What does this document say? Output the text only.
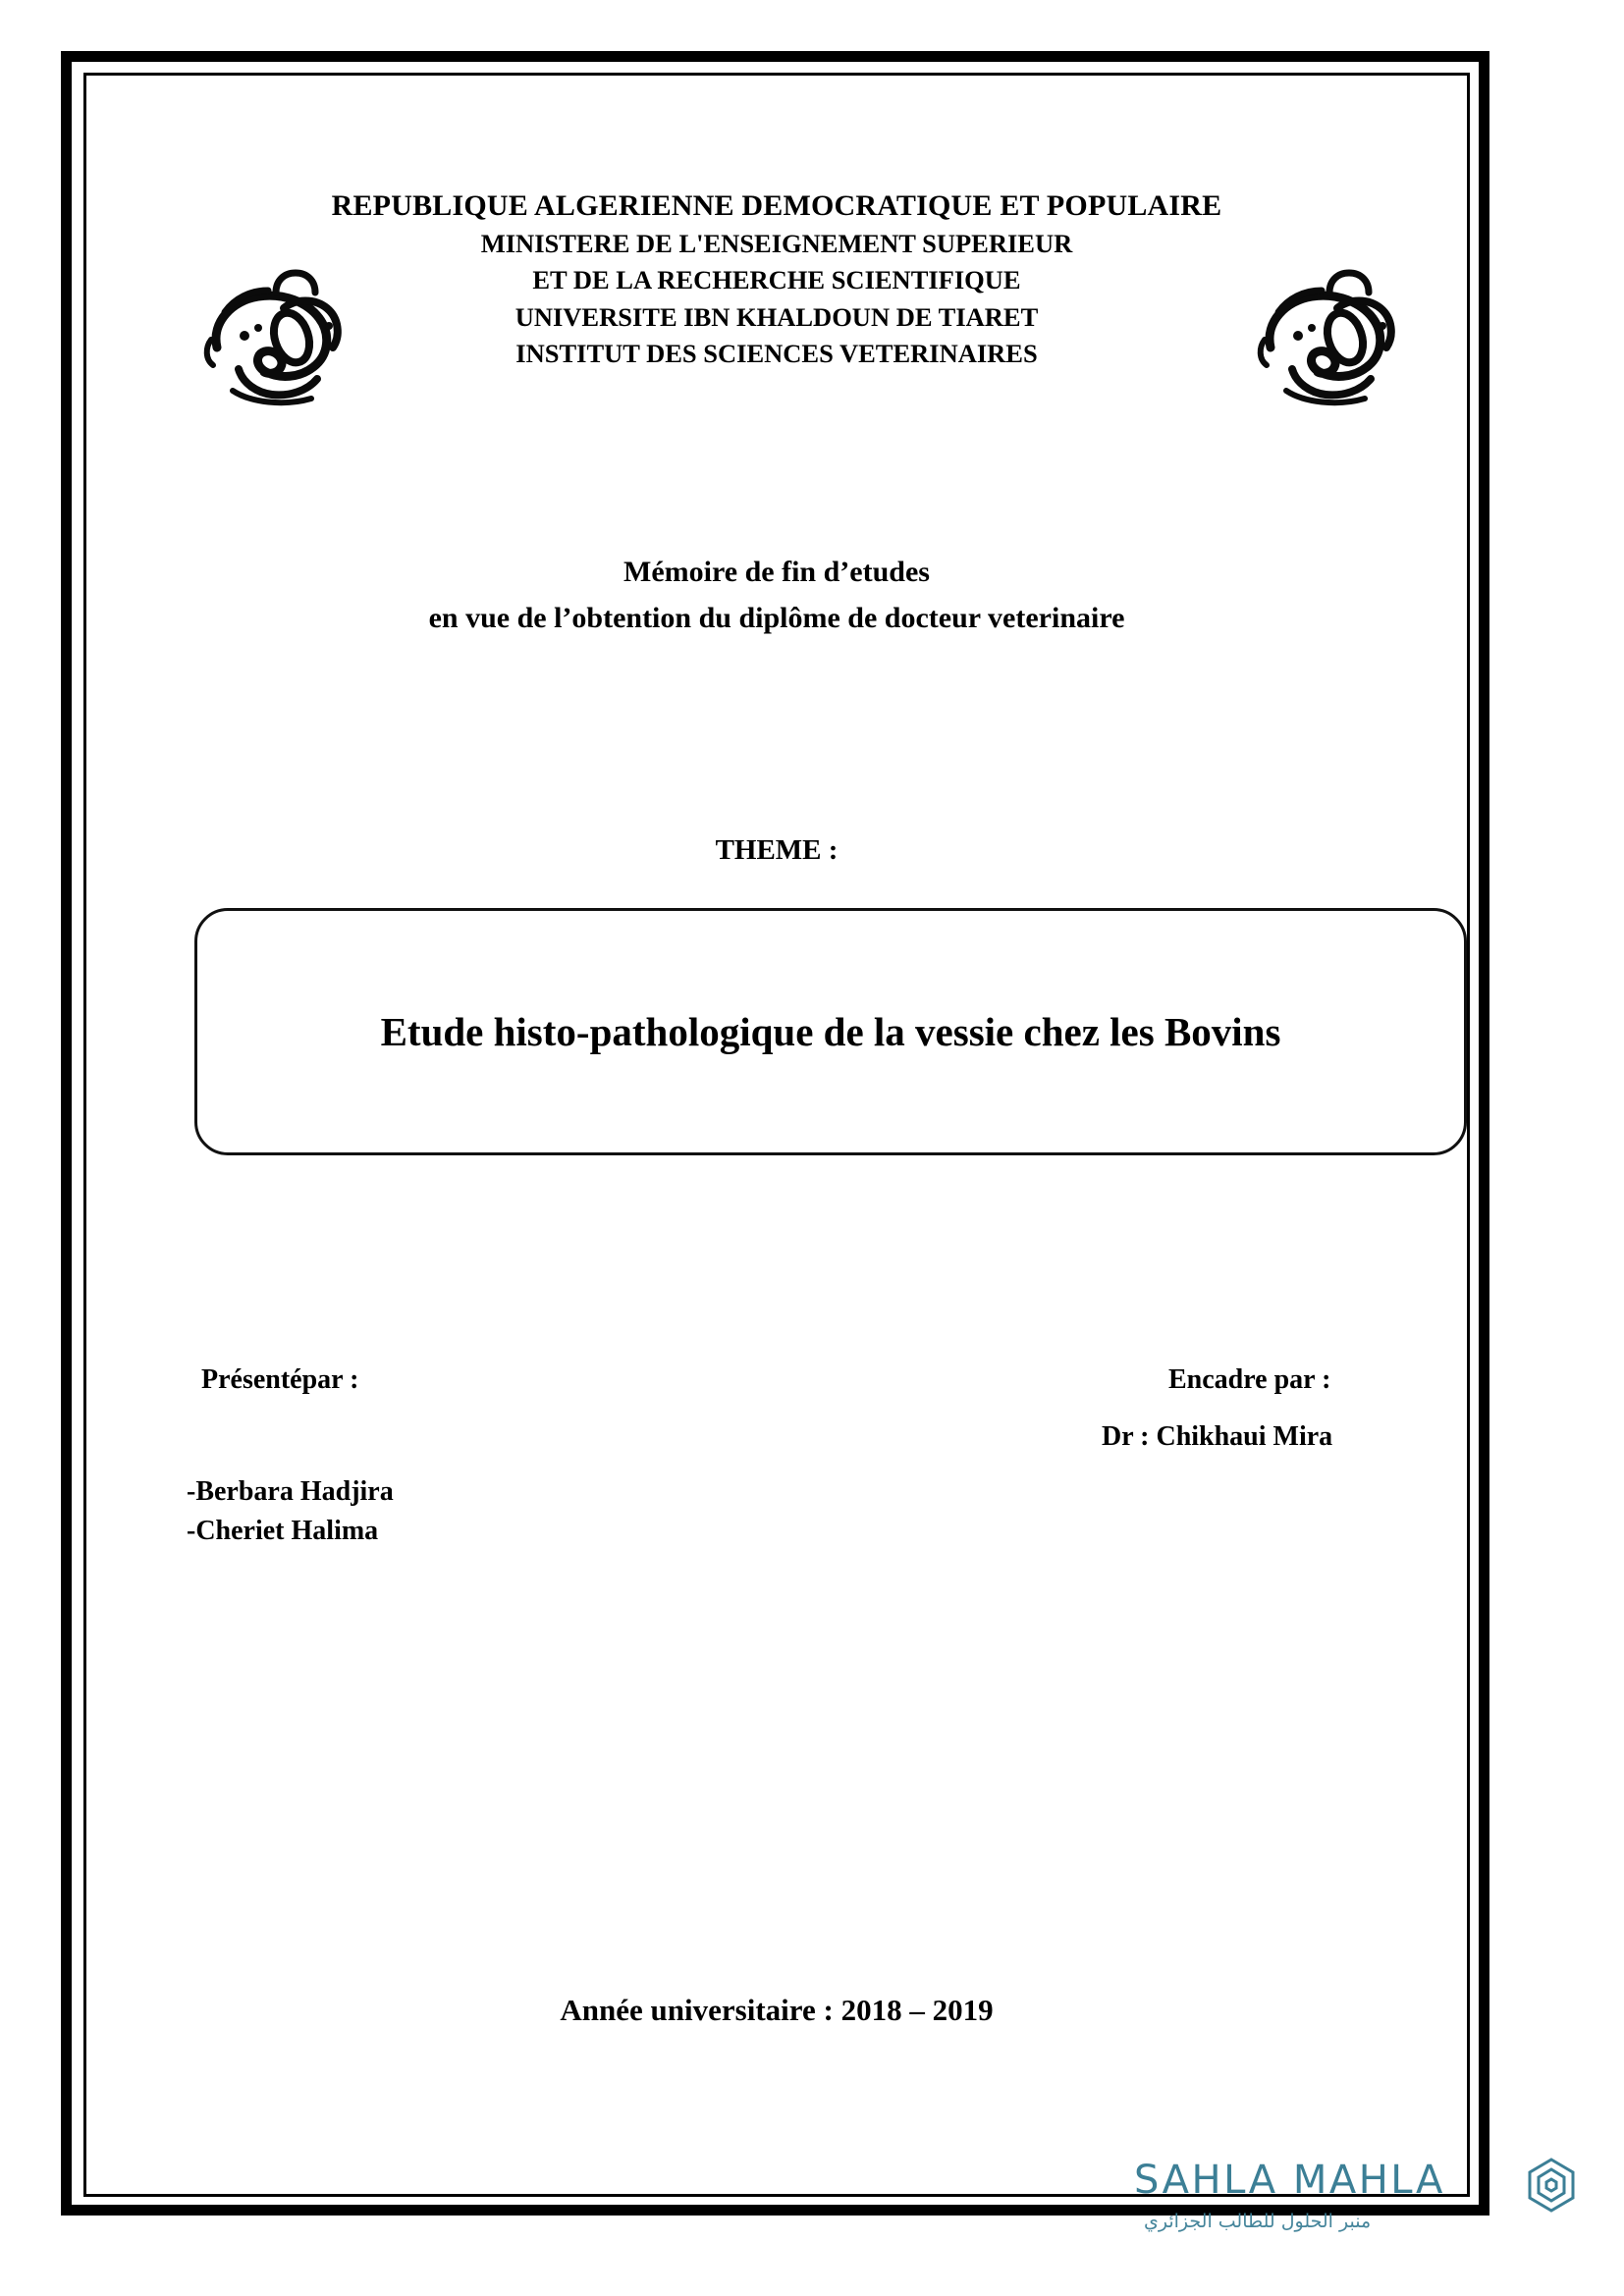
REPUBLIQUE ALGERIENNE DEMOCRATIQUE ET POPULAIRE
MINISTERE DE L'ENSEIGNEMENT SUPERIEUR
ET DE LA RECHERCHE SCIENTIFIQUE
UNIVERSITE IBN KHALDOUN DE TIARET
INSTITUT DES SCIENCES VETERINAIRES
Mémoire de fin d’etudes
en vue de l’obtention du diplôme de docteur veterinaire
THEME :
Etude histo-pathologique de la vessie chez les Bovins
Présentépar :
-Berbara Hadjira
-Cheriet Halima
Encadre par :
Dr : Chikhaui Mira
Année universitaire : 2018 – 2019
SAHLA MAHLA
منبر الحلول للطالب الجزائري
